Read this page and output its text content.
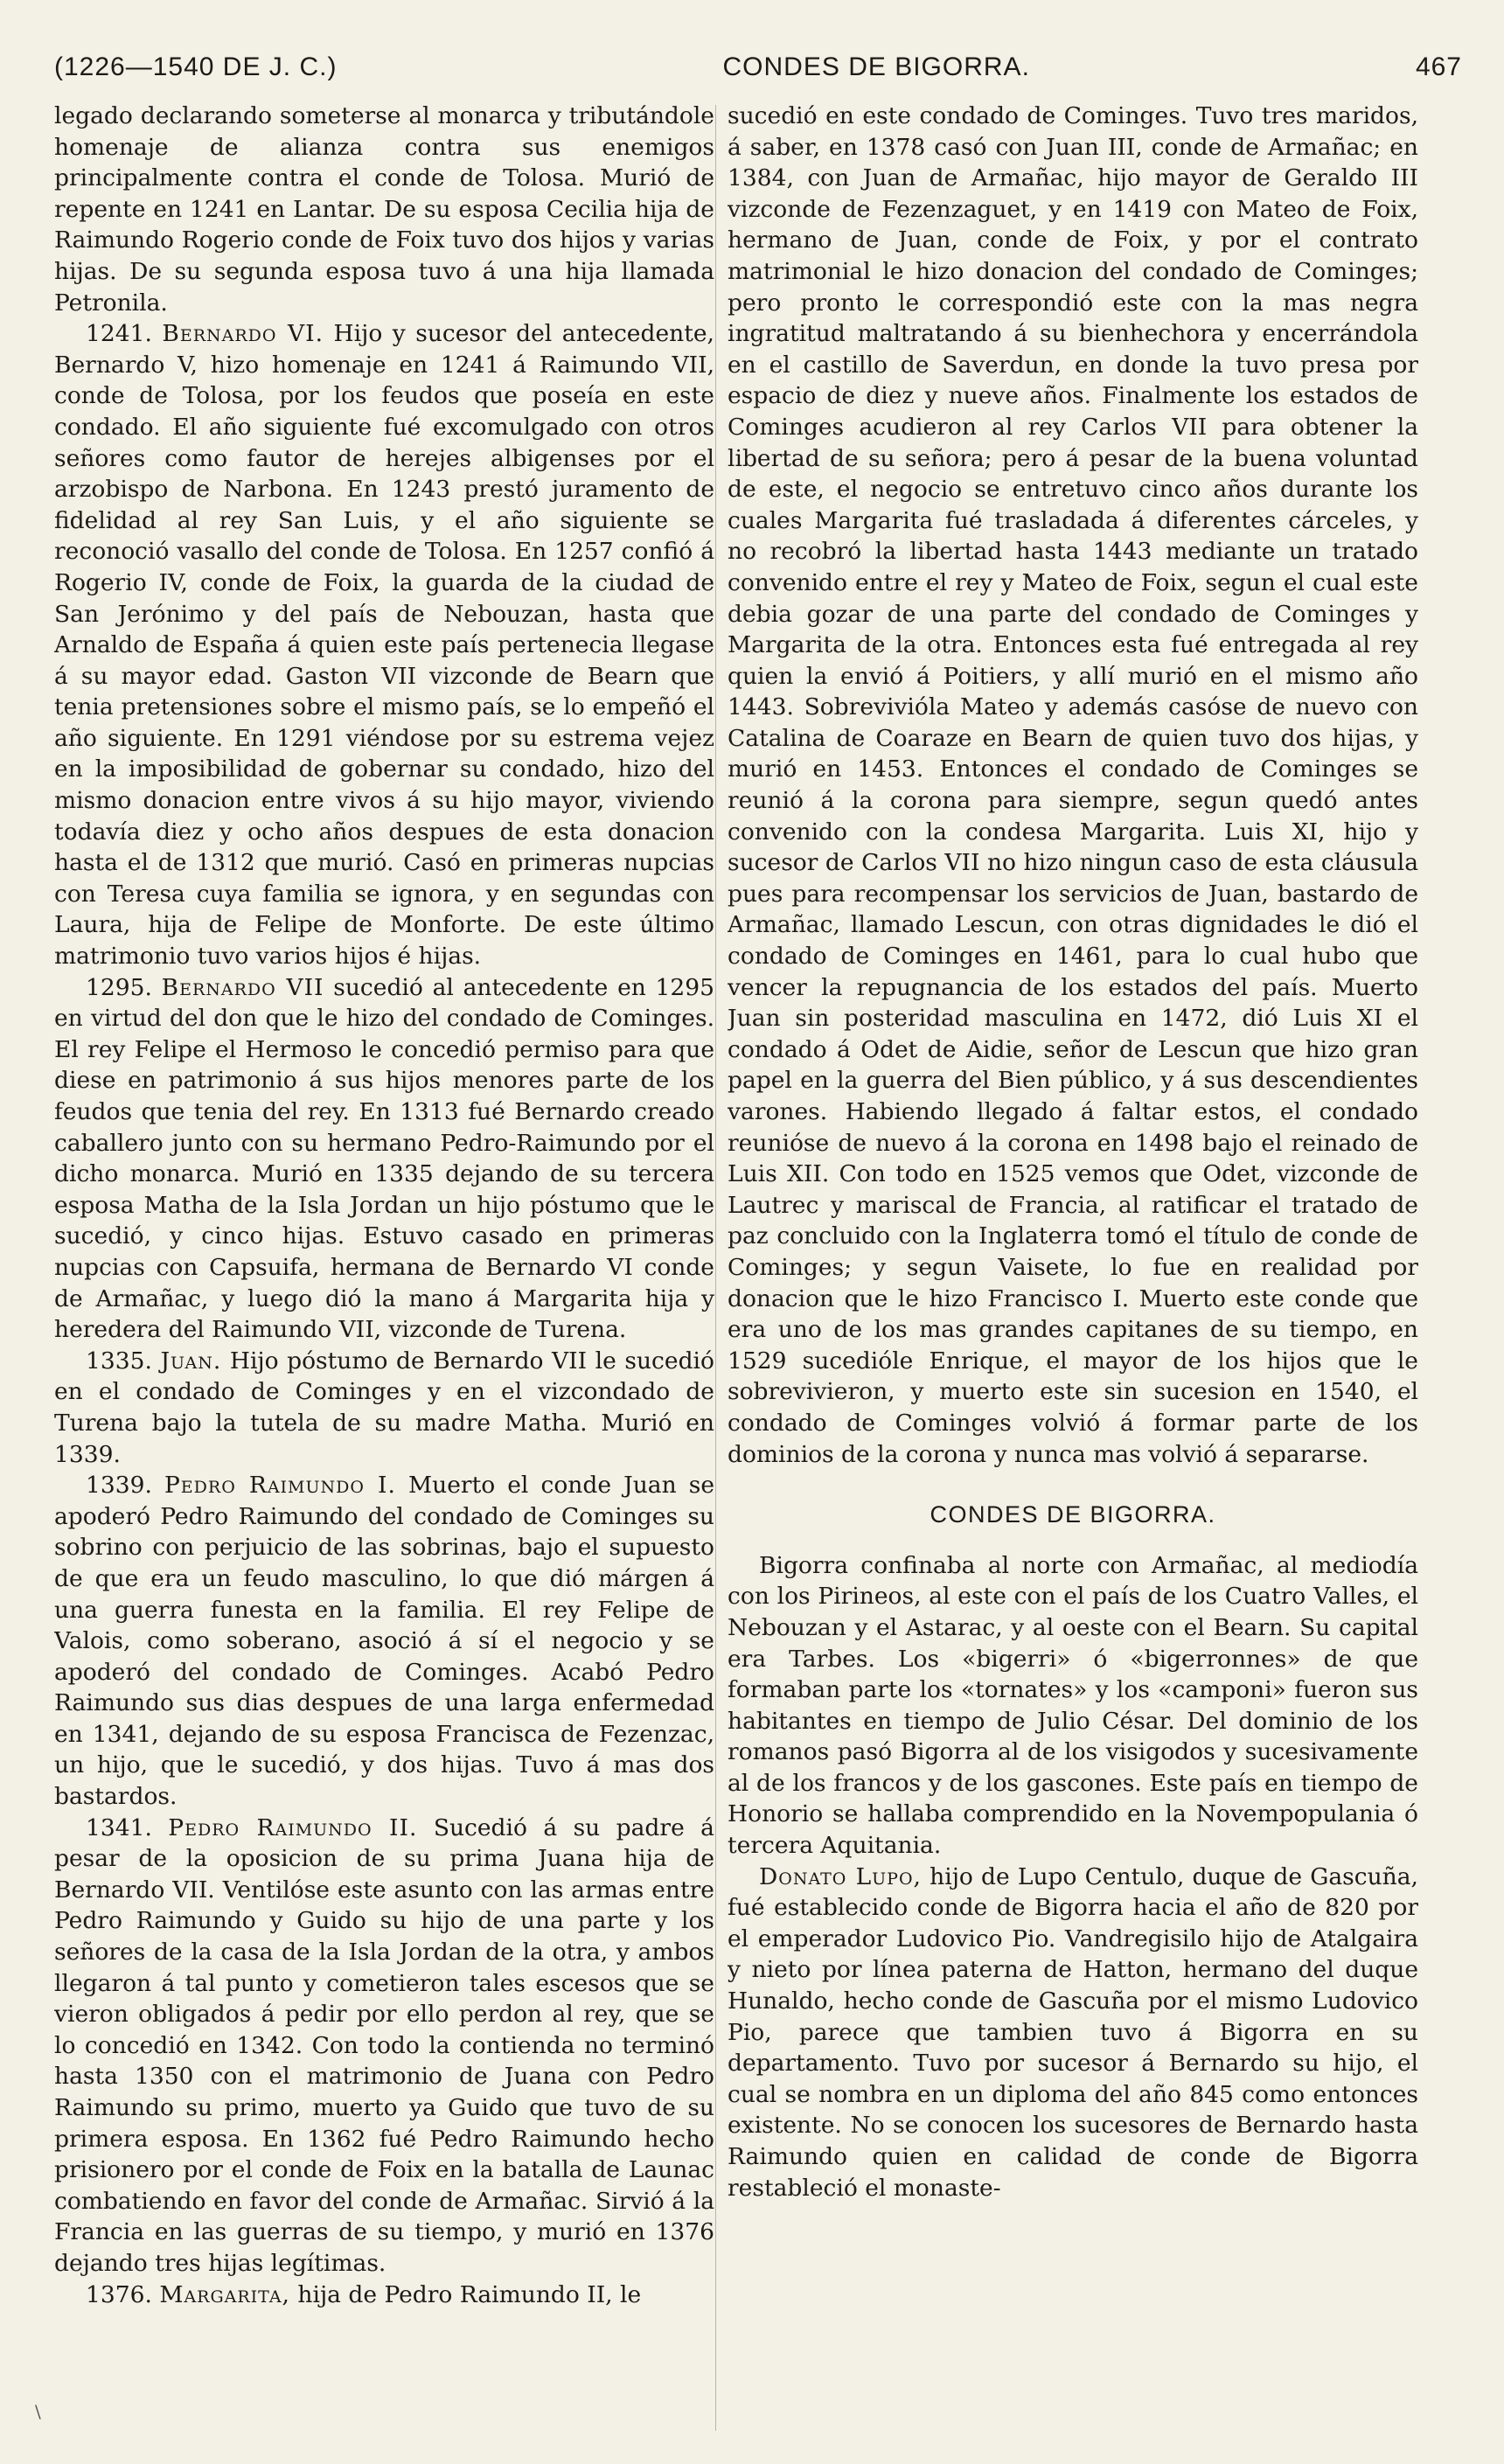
(1226—1540 DE J. C.)	CONDES DE BIGORRA.	467

legado declarando someterse al monarca y tributándole homenaje de alianza contra sus enemigos principalmente contra el conde de Tolosa. Murió de repente en 1241 en Lantar. De su esposa Cecilia hija de Raimundo Rogerio conde de Foix tuvo dos hijos y varias hijas. De su segunda esposa tuvo á una hija llamada Petronila.

1241. Bernardo VI. Hijo y sucesor del antecedente, Bernardo V, hizo homenaje en 1241 á Raimundo VII, conde de Tolosa, por los feudos que poseía en este condado. El año siguiente fué excomulgado con otros señores como fautor de herejes albigenses por el arzobispo de Narbona. En 1243 prestó juramento de fidelidad al rey San Luis, y el año siguiente se reconoció vasallo del conde de Tolosa. En 1257 confió á Rogerio IV, conde de Foix, la guarda de la ciudad de San Jerónimo y del país de Nebouzan, hasta que Arnaldo de España á quien este país pertenecia llegase á su mayor edad. Gaston VII vizconde de Bearn que tenia pretensiones sobre el mismo país, se lo empeñó el año siguiente. En 1291 viéndose por su estrema vejez en la imposibilidad de gobernar su condado, hizo del mismo donacion entre vivos á su hijo mayor, viviendo todavía diez y ocho años despues de esta donacion hasta el de 1312 que murió. Casó en primeras nupcias con Teresa cuya familia se ignora, y en segundas con Laura, hija de Felipe de Monforte. De este último matrimonio tuvo varios hijos é hijas.

1295. Bernardo VII sucedió al antecedente en 1295 en virtud del don que le hizo del condado de Cominges. El rey Felipe el Hermoso le concedió permiso para que diese en patrimonio á sus hijos menores parte de los feudos que tenia del rey. En 1313 fué Bernardo creado caballero junto con su hermano Pedro-Raimundo por el dicho monarca. Murió en 1335 dejando de su tercera esposa Matha de la Isla Jordan un hijo póstumo que le sucedió, y cinco hijas. Estuvo casado en primeras nupcias con Capsuifa, hermana de Bernardo VI conde de Armañac, y luego dió la mano á Margarita hija y heredera del Raimundo VII, vizconde de Turena.

1335. Juan. Hijo póstumo de Bernardo VII le sucedió en el condado de Cominges y en el vizcondado de Turena bajo la tutela de su madre Matha. Murió en 1339.

1339. Pedro Raimundo I. Muerto el conde Juan se apoderó Pedro Raimundo del condado de Cominges su sobrino con perjuicio de las sobrinas, bajo el supuesto de que era un feudo masculino, lo que dió márgen á una guerra funesta en la familia. El rey Felipe de Valois, como soberano, asoció á sí el negocio y se apoderó del condado de Cominges. Acabó Pedro Raimundo sus dias despues de una larga enfermedad en 1341, dejando de su esposa Francisca de Fezenzac, un hijo, que le sucedió, y dos hijas. Tuvo á mas dos bastardos.

1341. Pedro Raimundo II. Sucedió á su padre á pesar de la oposicion de su prima Juana hija de Bernardo VII. Ventilóse este asunto con las armas entre Pedro Raimundo y Guido su hijo de una parte y los señores de la casa de la Isla Jordan de la otra, y ambos llegaron á tal punto y cometieron tales escesos que se vieron obligados á pedir por ello perdon al rey, que se lo concedió en 1342. Con todo la contienda no terminó hasta 1350 con el matrimonio de Juana con Pedro Raimundo su primo, muerto ya Guido que tuvo de su primera esposa. En 1362 fué Pedro Raimundo hecho prisionero por el conde de Foix en la batalla de Launac combatiendo en favor del conde de Armañac. Sirvió á la Francia en las guerras de su tiempo, y murió en 1376 dejando tres hijas legítimas.

1376. Margarita, hija de Pedro Raimundo II, le

sucedió en este condado de Cominges. Tuvo tres maridos, á saber, en 1378 casó con Juan III, conde de Armañac; en 1384, con Juan de Armañac, hijo mayor de Geraldo III vizconde de Fezenzaguet, y en 1419 con Mateo de Foix, hermano de Juan, conde de Foix, y por el contrato matrimonial le hizo donacion del condado de Cominges; pero pronto le correspondió este con la mas negra ingratitud maltratando á su bienhechora y encerrándola en el castillo de Saverdun, en donde la tuvo presa por espacio de diez y nueve años. Finalmente los estados de Cominges acudieron al rey Carlos VII para obtener la libertad de su señora; pero á pesar de la buena voluntad de este, el negocio se entretuvo cinco años durante los cuales Margarita fué trasladada á diferentes cárceles, y no recobró la libertad hasta 1443 mediante un tratado convenido entre el rey y Mateo de Foix, segun el cual este debia gozar de una parte del condado de Cominges y Margarita de la otra. Entonces esta fué entregada al rey quien la envió á Poitiers, y allí murió en el mismo año 1443. Sobrevivióla Mateo y además casóse de nuevo con Catalina de Coaraze en Bearn de quien tuvo dos hijas, y murió en 1453. Entonces el condado de Cominges se reunió á la corona para siempre, segun quedó antes convenido con la condesa Margarita. Luis XI, hijo y sucesor de Carlos VII no hizo ningun caso de esta cláusula pues para recompensar los servicios de Juan, bastardo de Armañac, llamado Lescun, con otras dignidades le dió el condado de Cominges en 1461, para lo cual hubo que vencer la repugnancia de los estados del país. Muerto Juan sin posteridad masculina en 1472, dió Luis XI el condado á Odet de Aidie, señor de Lescun que hizo gran papel en la guerra del Bien público, y á sus descendientes varones. Habiendo llegado á faltar estos, el condado reunióse de nuevo á la corona en 1498 bajo el reinado de Luis XII. Con todo en 1525 vemos que Odet, vizconde de Lautrec y mariscal de Francia, al ratificar el tratado de paz concluido con la Inglaterra tomó el título de conde de Cominges; y segun Vaisete, lo fue en realidad por donacion que le hizo Francisco I. Muerto este conde que era uno de los mas grandes capitanes de su tiempo, en 1529 sucedióle Enrique, el mayor de los hijos que le sobrevivieron, y muerto este sin sucesion en 1540, el condado de Cominges volvió á formar parte de los dominios de la corona y nunca mas volvió á separarse.

CONDES DE BIGORRA.

Bigorra confinaba al norte con Armañac, al mediodía con los Pirineos, al este con el país de los Cuatro Valles, el Nebouzan y el Astarac, y al oeste con el Bearn. Su capital era Tarbes. Los «bigerri» ó «bigerronnes» de que formaban parte los «tornates» y los «camponi» fueron sus habitantes en tiempo de Julio César. Del dominio de los romanos pasó Bigorra al de los visigodos y sucesivamente al de los francos y de los gascones. Este país en tiempo de Honorio se hallaba comprendido en la Novempopulania ó tercera Aquitania.

Donato Lupo, hijo de Lupo Centulo, duque de Gascuña, fué establecido conde de Bigorra hacia el año de 820 por el emperador Ludovico Pio. Vandregisilo hijo de Atalgaira y nieto por línea paterna de Hatton, hermano del duque Hunaldo, hecho conde de Gascuña por el mismo Ludovico Pio, parece que tambien tuvo á Bigorra en su departamento. Tuvo por sucesor á Bernardo su hijo, el cual se nombra en un diploma del año 845 como entonces existente. No se conocen los sucesores de Bernardo hasta Raimundo quien en calidad de conde de Bigorra restableció el monaste-

\
